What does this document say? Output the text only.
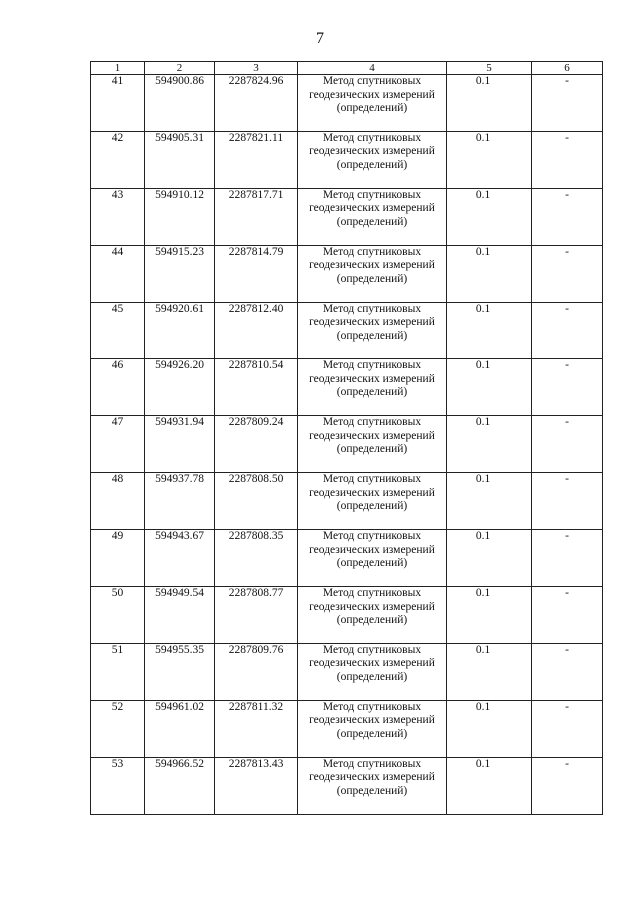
7
1	2	3	4	5	6
41	594900.86	2287824.96	Метод спутниковых геодезических измерений (определений)	0.1	-
42	594905.31	2287821.11	Метод спутниковых геодезических измерений (определений)	0.1	-
43	594910.12	2287817.71	Метод спутниковых геодезических измерений (определений)	0.1	-
44	594915.23	2287814.79	Метод спутниковых геодезических измерений (определений)	0.1	-
45	594920.61	2287812.40	Метод спутниковых геодезических измерений (определений)	0.1	-
46	594926.20	2287810.54	Метод спутниковых геодезических измерений (определений)	0.1	-
47	594931.94	2287809.24	Метод спутниковых геодезических измерений (определений)	0.1	-
48	594937.78	2287808.50	Метод спутниковых геодезических измерений (определений)	0.1	-
49	594943.67	2287808.35	Метод спутниковых геодезических измерений (определений)	0.1	-
50	594949.54	2287808.77	Метод спутниковых геодезических измерений (определений)	0.1	-
51	594955.35	2287809.76	Метод спутниковых геодезических измерений (определений)	0.1	-
52	594961.02	2287811.32	Метод спутниковых геодезических измерений (определений)	0.1	-
53	594966.52	2287813.43	Метод спутниковых геодезических измерений (определений)	0.1	-
